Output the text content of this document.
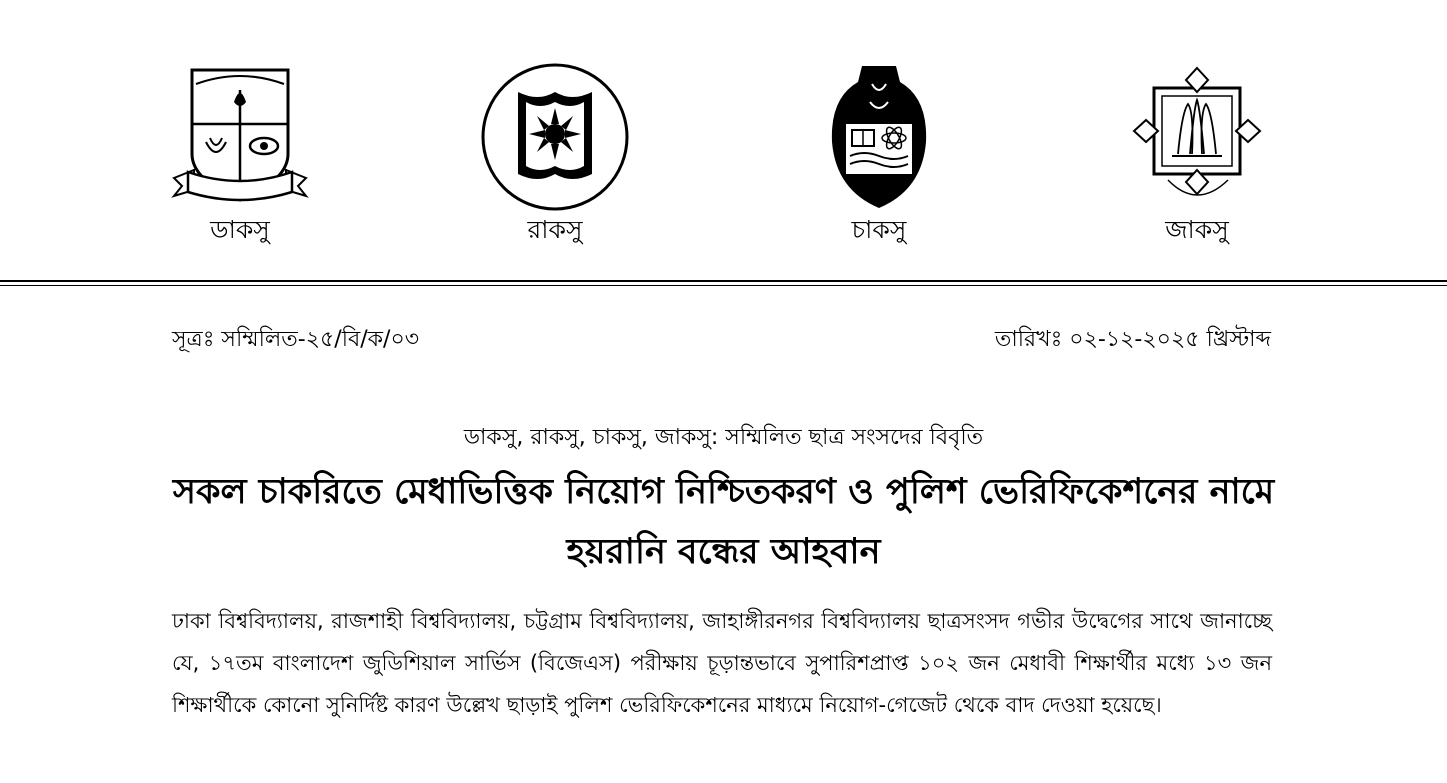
ডাকসু	রাকসু	চাকসু	জাকসু
সূত্রঃ সম্মিলিত-২৫/বি/ক/০৩	তারিখঃ ০২-১২-২০২৫ খ্রিস্টাব্দ
ডাকসু, রাকসু, চাকসু, জাকসু: সম্মিলিত ছাত্র সংসদের বিবৃতি
সকল চাকরিতে মেধাভিত্তিক নিয়োগ নিশ্চিতকরণ ও পুলিশ ভেরিফিকেশনের নামে হয়রানি বন্ধের আহবান
ঢাকা বিশ্ববিদ্যালয়, রাজশাহী বিশ্ববিদ্যালয়, চট্টগ্রাম বিশ্ববিদ্যালয়, জাহাঙ্গীরনগর বিশ্ববিদ্যালয় ছাত্রসংসদ গভীর উদ্বেগের সাথে জানাচ্ছে যে, ১৭তম বাংলাদেশ জুডিশিয়াল সার্ভিস (বিজেএস) পরীক্ষায় চূড়ান্তভাবে সুপারিশপ্রাপ্ত ১০২ জন মেধাবী শিক্ষার্থীর মধ্যে ১৩ জন শিক্ষার্থীকে কোনো সুনির্দিষ্ট কারণ উল্লেখ ছাড়াই পুলিশ ভেরিফিকেশনের মাধ্যমে নিয়োগ-গেজেট থেকে বাদ দেওয়া হয়েছে।
